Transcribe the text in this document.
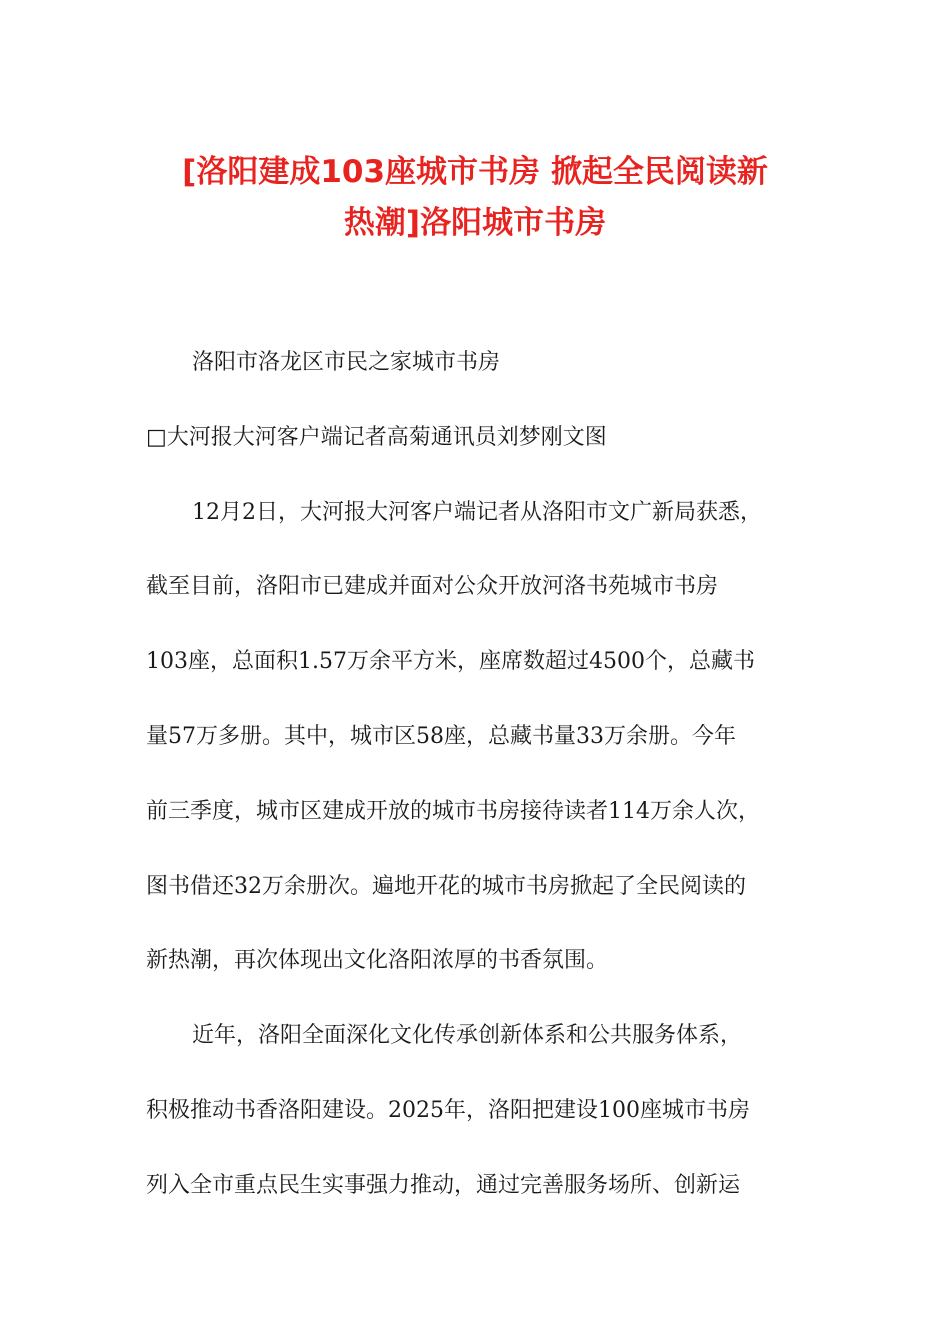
[洛阳建成103座城市书房 掀起全民阅读新
热潮]洛阳城市书房
洛阳市洛龙区市民之家城市书房
□大河报大河客户端记者高菊通讯员刘梦刚文图
12月2日，大河报大河客户端记者从洛阳市文广新局获悉，
截至目前，洛阳市已建成并面对公众开放河洛书苑城市书房
103座，总面积1.57万余平方米，座席数超过4500个，总藏书
量57万多册。其中，城市区58座，总藏书量33万余册。今年
前三季度，城市区建成开放的城市书房接待读者114万余人次，
图书借还32万余册次。遍地开花的城市书房掀起了全民阅读的
新热潮，再次体现出文化洛阳浓厚的书香氛围。
近年，洛阳全面深化文化传承创新体系和公共服务体系，
积极推动书香洛阳建设。2025年，洛阳把建设100座城市书房
列入全市重点民生实事强力推动，通过完善服务场所、创新运
